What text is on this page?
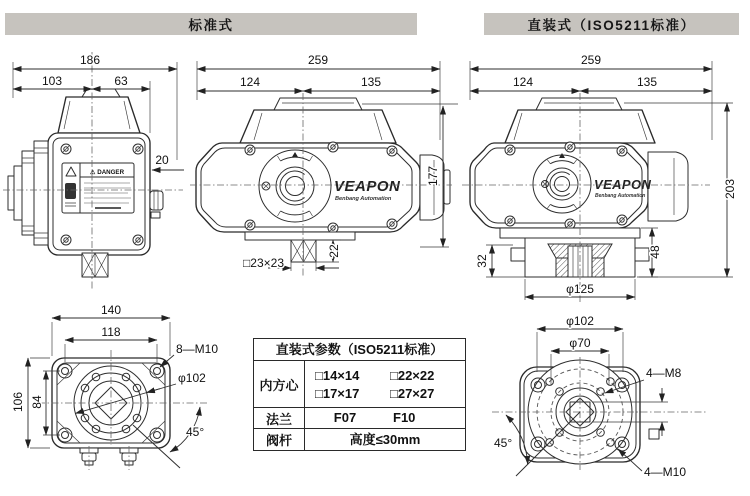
标准式	直装式（ISO5211标准）
⚠ DANGER
186
103	63
20
VEAPON
Benbang Automation
259
124	135
177
22
□23×23
VEAPON
Benbang Automation
259
124	135
203
32
48
φ125
140
118
106 84
8—M10
φ102
45°
φ102
φ70
4—M8
4—M10
45°
直装式参数（ISO5211标准）
内方心
□14×14	□22×22
□17×17	□27×27
法兰	F07	F10
阀杆	高度≤30mm
